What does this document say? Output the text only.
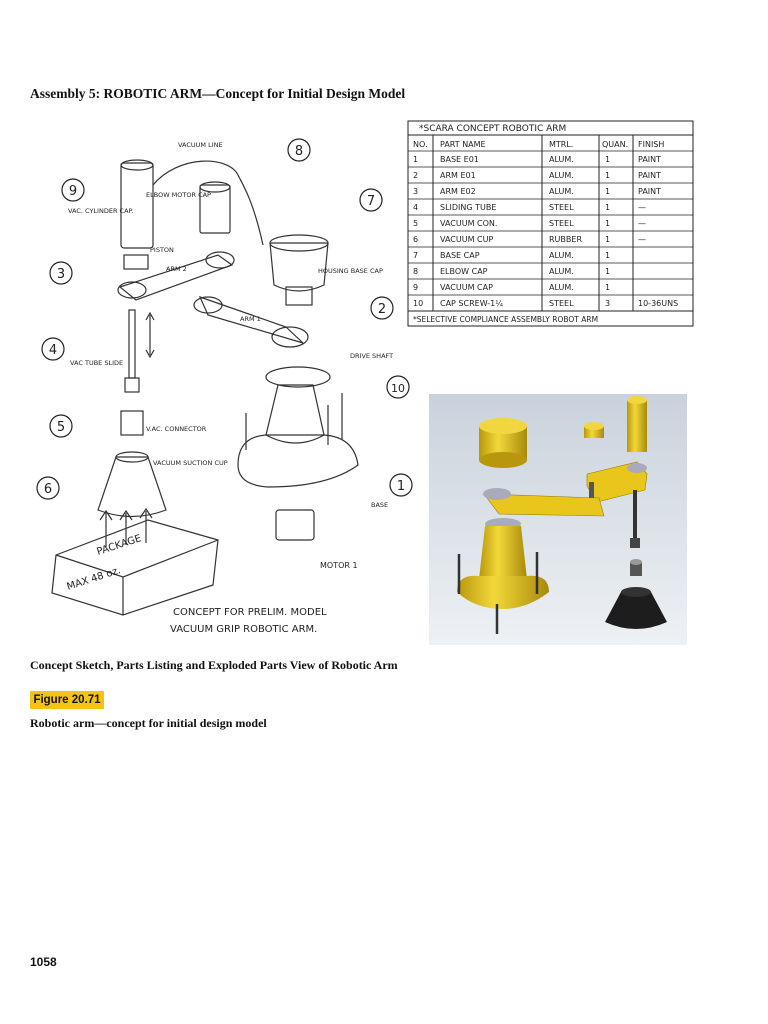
Assembly 5: ROBOTIC ARM—Concept for Initial Design Model
9
8
7
3
2
4
10
5
6	1
VACUUM LINE
ELBOW MOTOR CAP
VAC. CYLINDER CAP.
PISTON
ARM 2	HOUSING BASE CAP
ARM 1
DRIVE SHAFT
VAC TUBE SLIDE
V.AC. CONNECTOR
VACUUM SUCTION CUP
BASE
PACKAGE
MAX 48 oz.	MOTOR 1
CONCEPT FOR PRELIM. MODEL
VACUUM GRIP ROBOTIC ARM.
*SCARA CONCEPT ROBOTIC ARM
NO. PART NAME	MTRL.	QUAN. FINISH
1	BASE E01	ALUM.	1	PAINT
2	ARM E01	ALUM.	1	PAINT
3	ARM E02	ALUM.	1	PAINT
4	SLIDING TUBE	STEEL	1	—
5	VACUUM CON.	STEEL	1	—
6	VACUUM CUP	RUBBER	1	—
7	BASE CAP	ALUM.	1
8	ELBOW CAP	ALUM.	1
9	VACUUM CAP	ALUM.	1
10 CAP SCREW-1¼	STEEL	3	10-36UNS
*SELECTIVE COMPLIANCE ASSEMBLY ROBOT ARM
Concept Sketch, Parts Listing and Exploded Parts View of Robotic Arm
Figure 20.71
Robotic arm—concept for initial design model
1058
